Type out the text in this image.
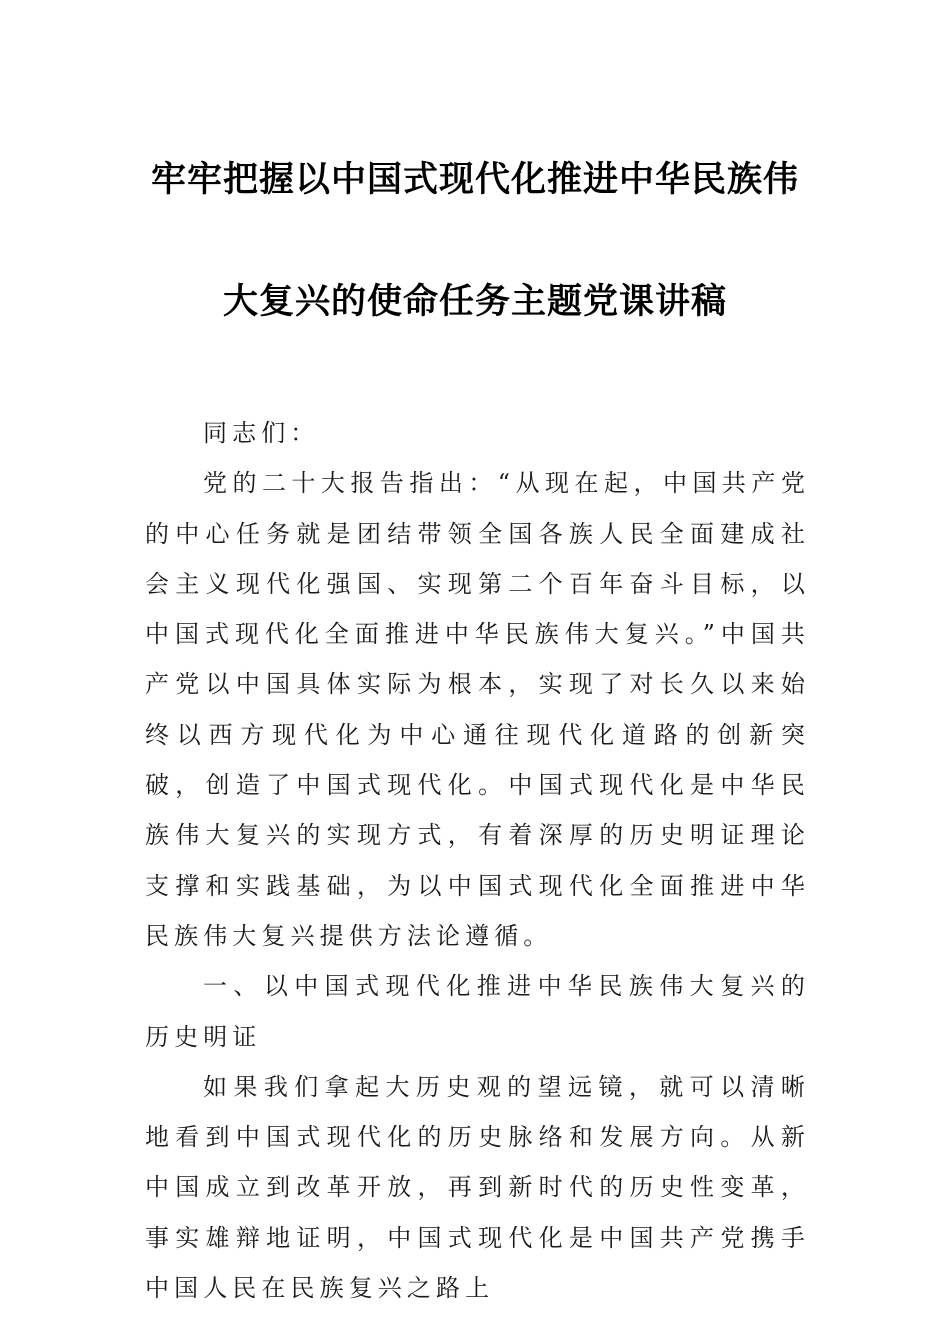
牢牢把握以中国式现代化推进中华民族伟
大复兴的使命任务主题党课讲稿

同志们：

党的二十大报告指出：“从现在起，中国共产党的中心任务就是团结带领全国各族人民全面建成社会主义现代化强国、实现第二个百年奋斗目标，以中国式现代化全面推进中华民族伟大复兴。”中国共产党以中国具体实际为根本，实现了对长久以来始终以西方现代化为中心通往现代化道路的创新突破，创造了中国式现代化。中国式现代化是中华民族伟大复兴的实现方式，有着深厚的历史明证理论支撑和实践基础，为以中国式现代化全面推进中华民族伟大复兴提供方法论遵循。

一、以中国式现代化推进中华民族伟大复兴的历史明证

如果我们拿起大历史观的望远镜，就可以清晰地看到中国式现代化的历史脉络和发展方向。从新中国成立到改革开放，再到新时代的历史性变革，事实雄辩地证明，中国式现代化是中国共产党携手中国人民在民族复兴之路上
